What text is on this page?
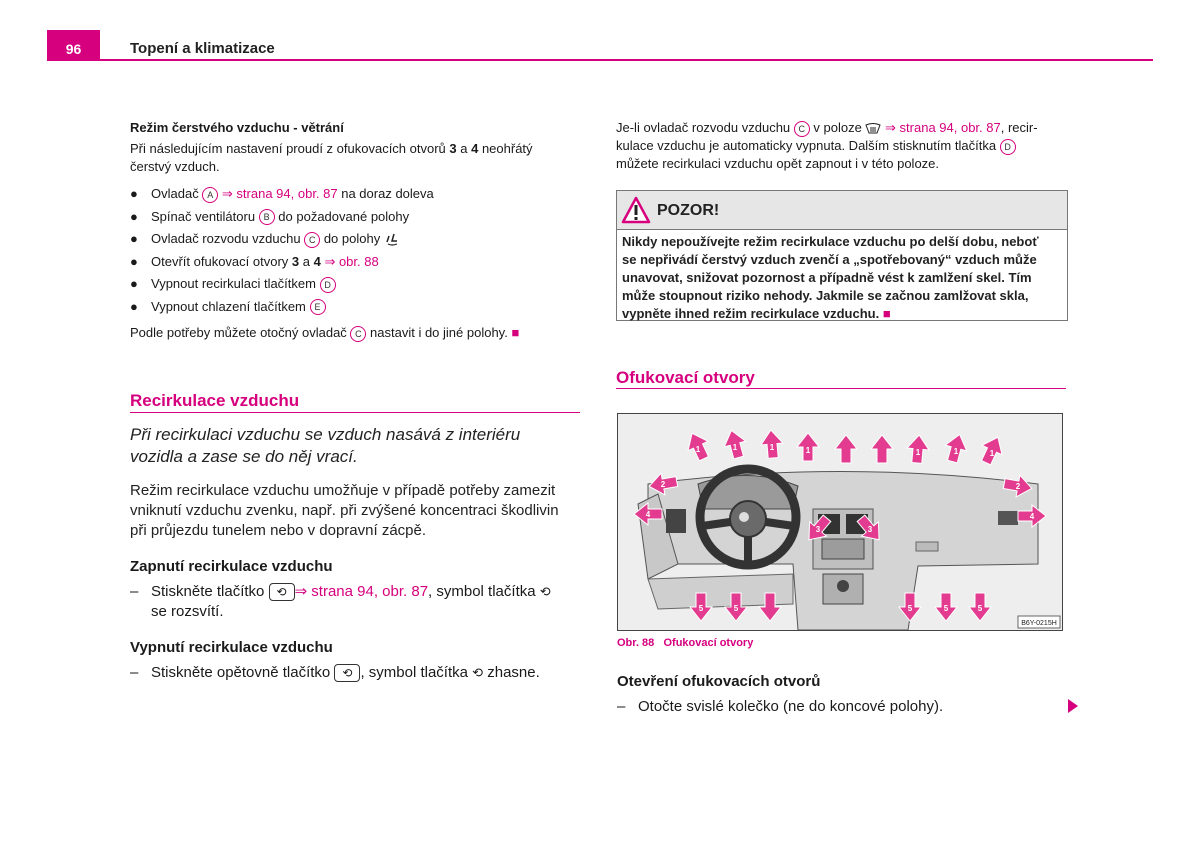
96	Topení a klimatizace
Režim čerstvého vzduchu - větrání
Při následujícím nastavení proudí z ofukovacích otvorů 3 a 4 neohřátý
čerstvý vzduch.
● Ovladač A ⇒ strana 94, obr. 87 na doraz doleva
● Spínač ventilátoru B do požadované polohy
● Ovladač rozvodu vzduchu C do polohy
● Otevřít ofukovací otvory 3 a 4 ⇒ obr. 88
● Vypnout recirkulaci tlačítkem D
● Vypnout chlazení tlačítkem E
Podle potřeby můžete otočný ovladač C nastavit i do jiné polohy. ■
Recirkulace vzduchu
Při recirkulaci vzduchu se vzduch nasává z interiéru
vozidla a zase se do něj vrací.
Režim recirkulace vzduchu umožňuje v případě potřeby zamezit
vniknutí vzduchu zvenku, např. při zvýšené koncentraci škodlivin
při průjezdu tunelem nebo v dopravní zácpě.
Zapnutí recirkulace vzduchu
– Stiskněte tlačítko ⟲ ⇒ strana 94, obr. 87, symbol tlačítka ⟲
se rozsvítí.
Vypnutí recirkulace vzduchu
– Stiskněte opětovně tlačítko ⟲ , symbol tlačítka ⟲ zhasne.
Je-li ovladač rozvodu vzduchu C v poloze  ⇒ strana 94, obr. 87, recir-
kulace vzduchu je automaticky vypnuta. Dalším stisknutím tlačítka D
můžete recirkulaci vzduchu opět zapnout i v této poloze.
POZOR!
Nikdy nepoužívejte režim recirkulace vzduchu po delší dobu, neboť
se nepřivádí čerstvý vzduch zvenčí a „spotřebovaný“ vzduch může
unavovat, snižovat pozornost a případně vést k zamlžení skel. Tím
může stoupnout riziko nehody. Jakmile se začnou zamlžovat skla,
vypněte ihned režim recirkulace vzduchu. ■
Ofukovací otvory
B6Y-0215H
1	1	1	1	1	1	1
2	2
4	4
3	3
5	5	5	5	5
Obr. 88 Ofukovací otvory
Otevření ofukovacích otvorů
– Otočte svislé kolečko (ne do koncové polohy).
